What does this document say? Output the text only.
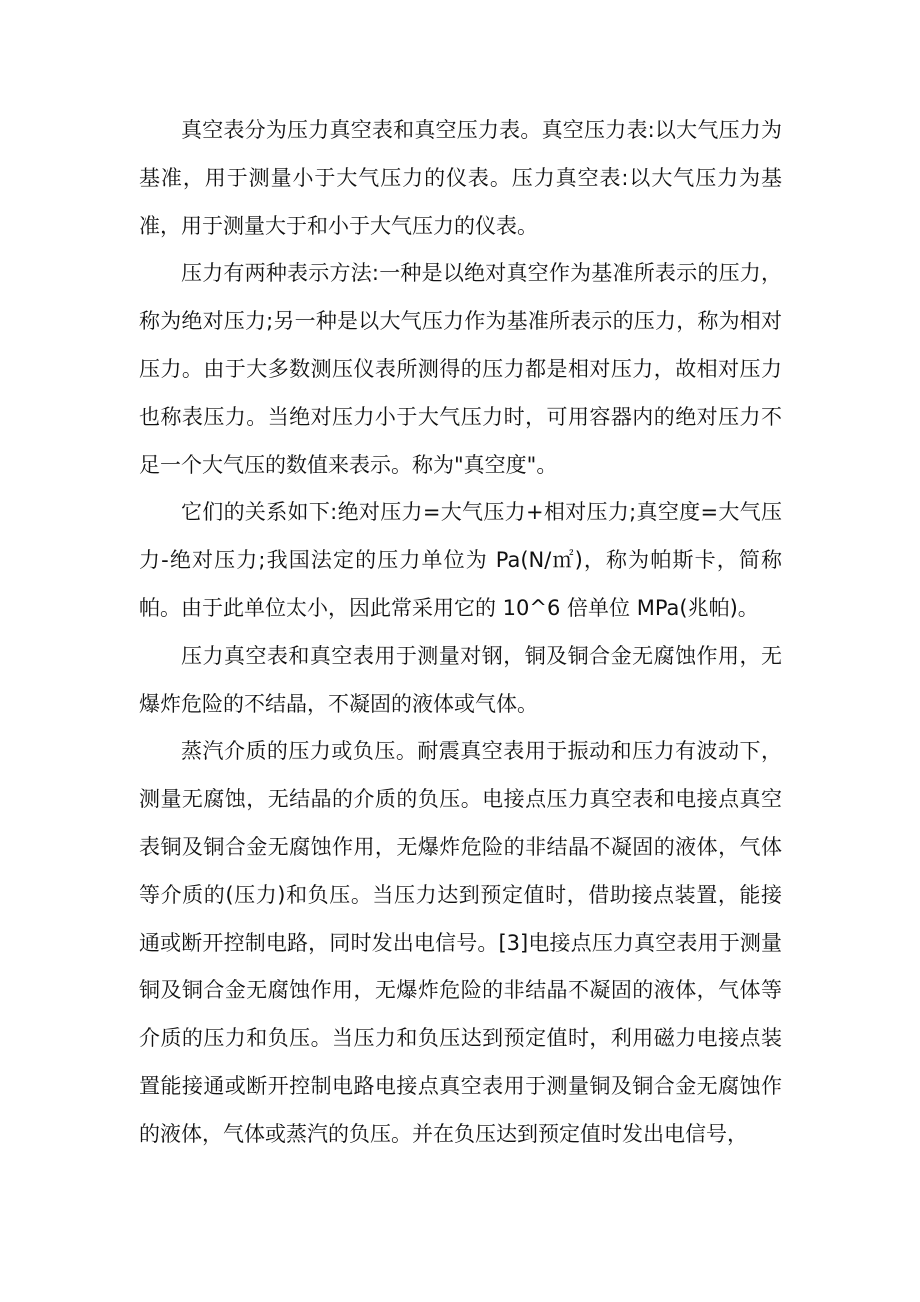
真空表分为压力真空表和真空压力表。真空压力表:以大气压力为基准，用于测量小于大气压力的仪表。压力真空表:以大气压力为基准，用于测量大于和小于大气压力的仪表。

压力有两种表示方法:一种是以绝对真空作为基准所表示的压力，称为绝对压力;另一种是以大气压力作为基准所表示的压力，称为相对压力。由于大多数测压仪表所测得的压力都是相对压力，故相对压力也称表压力。当绝对压力小于大气压力时，可用容器内的绝对压力不足一个大气压的数值来表示。称为"真空度"。

它们的关系如下:绝对压力=大气压力+相对压力;真空度=大气压力-绝对压力;我国法定的压力单位为 Pa(N/㎡)，称为帕斯卡，简称帕。由于此单位太小，因此常采用它的 10^6 倍单位 MPa(兆帕)。

压力真空表和真空表用于测量对钢，铜及铜合金无腐蚀作用，无爆炸危险的不结晶，不凝固的液体或气体。

蒸汽介质的压力或负压。耐震真空表用于振动和压力有波动下，测量无腐蚀，无结晶的介质的负压。电接点压力真空表和电接点真空表铜及铜合金无腐蚀作用，无爆炸危险的非结晶不凝固的液体，气体等介质的(压力)和负压。当压力达到预定值时，借助接点装置，能接通或断开控制电路，同时发出电信号。[3]电接点压力真空表用于测量铜及铜合金无腐蚀作用，无爆炸危险的非结晶不凝固的液体，气体等介质的压力和负压。当压力和负压达到预定值时，利用磁力电接点装置能接通或断开控制电路电接点真空表用于测量铜及铜合金无腐蚀作的液体，气体或蒸汽的负压。并在负压达到预定值时发出电信号，
